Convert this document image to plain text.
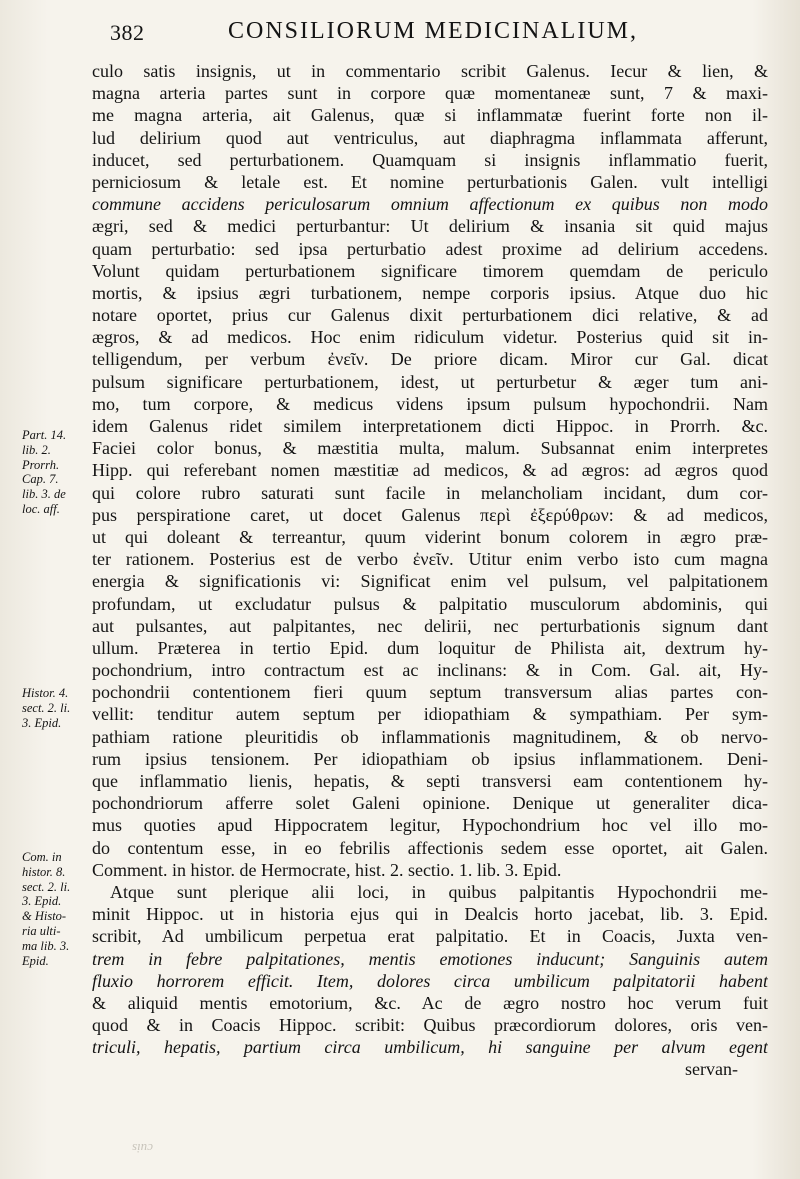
382	CONSILIORUM MEDICINALIUM,
culo satis insignis, ut in commentario scribit Galenus. Iecur & lien, &
magna arteria partes sunt in corpore quæ momentaneæ sunt, 7 & maxi-
me magna arteria, ait Galenus, quæ si inflammatæ fuerint forte non il-
lud delirium quod aut ventriculus, aut diaphragma inflammata afferunt,
inducet, sed perturbationem. Quamquam si insignis inflammatio fuerit,
perniciosum & letale est. Et nomine perturbationis Galen. vult intelligi
commune accidens periculosarum omnium affectionum ex quibus non modo
ægri, sed & medici perturbantur: Ut delirium & insania sit quid majus
quam perturbatio: sed ipsa perturbatio adest proxime ad delirium accedens.
Volunt quidam perturbationem significare timorem quemdam de periculo
mortis, & ipsius ægri turbationem, nempe corporis ipsius. Atque duo hic
notare oportet, prius cur Galenus dixit perturbationem dici relative, & ad
ægros, & ad medicos. Hoc enim ridiculum videtur. Posterius quid sit in-
telligendum, per verbum ἐνεῖν. De priore dicam. Miror cur Gal. dicat
pulsum significare perturbationem, idest, ut perturbetur & æger tum ani-
mo, tum corpore, & medicus videns ipsum pulsum hypochondrii. Nam
idem Galenus ridet similem interpretationem dicti Hippoc. in Prorrh. &c.
Faciei color bonus, & mæstitia multa, malum. Subsannat enim interpretes
Hipp. qui referebant nomen mæstitiæ ad medicos, & ad ægros: ad ægros quod
qui colore rubro saturati sunt facile in melancholiam incidant, dum cor-
pus perspiratione caret, ut docet Galenus περὶ ἐξερύθρων: & ad medicos,
ut qui doleant & terreantur, quum viderint bonum colorem in ægro præ-
ter rationem. Posterius est de verbo ἐνεῖν. Utitur enim verbo isto cum magna
energia & significationis vi: Significat enim vel pulsum, vel palpitationem
profundam, ut excludatur pulsus & palpitatio musculorum abdominis, qui
aut pulsantes, aut palpitantes, nec delirii, nec perturbationis signum dant
ullum. Præterea in tertio Epid. dum loquitur de Philista ait, dextrum hy-
pochondrium, intro contractum est ac inclinans: & in Com. Gal. ait, Hy-
pochondrii contentionem fieri quum septum transversum alias partes con-
vellit: tenditur autem septum per idiopathiam & sympathiam. Per sym-
pathiam ratione pleuritidis ob inflammationis magnitudinem, & ob nervo-
rum ipsius tensionem. Per idiopathiam ob ipsius inflammationem. Deni-
que inflammatio lienis, hepatis, & septi transversi eam contentionem hy-
pochondriorum afferre solet Galeni opinione. Denique ut generaliter dica-
mus quoties apud Hippocratem legitur, Hypochondrium hoc vel illo mo-
do contentum esse, in eo febrilis affectionis sedem esse oportet, ait Galen.
Comment. in histor. de Hermocrate, hist. 2. sectio. 1. lib. 3. Epid.
Atque sunt plerique alii loci, in quibus palpitantis Hypochondrii me-
minit Hippoc. ut in historia ejus qui in Dealcis horto jacebat, lib. 3. Epid.
scribit, Ad umbilicum perpetua erat palpitatio. Et in Coacis, Juxta ven-
trem in febre palpitationes, mentis emotiones inducunt; Sanguinis autem
fluxio horrorem efficit. Item, dolores circa umbilicum palpitatorii habent
& aliquid mentis emotorium, &c. Ac de ægro nostro hoc verum fuit
quod & in Coacis Hippoc. scribit: Quibus præcordiorum dolores, oris ven-
triculi, hepatis, partium circa umbilicum, hi sanguine per alvum egent
servan-
Part. 14.
lib. 2.
Prorrh.
Cap. 7.
lib. 3. de
loc. aff.
Histor. 4.
sect. 2. li.
3. Epid.
Com. in
histor. 8.
sect. 2. li.
3. Epid.
& Histo-
ria ulti-
ma lib. 3.
Epid.
cuis
